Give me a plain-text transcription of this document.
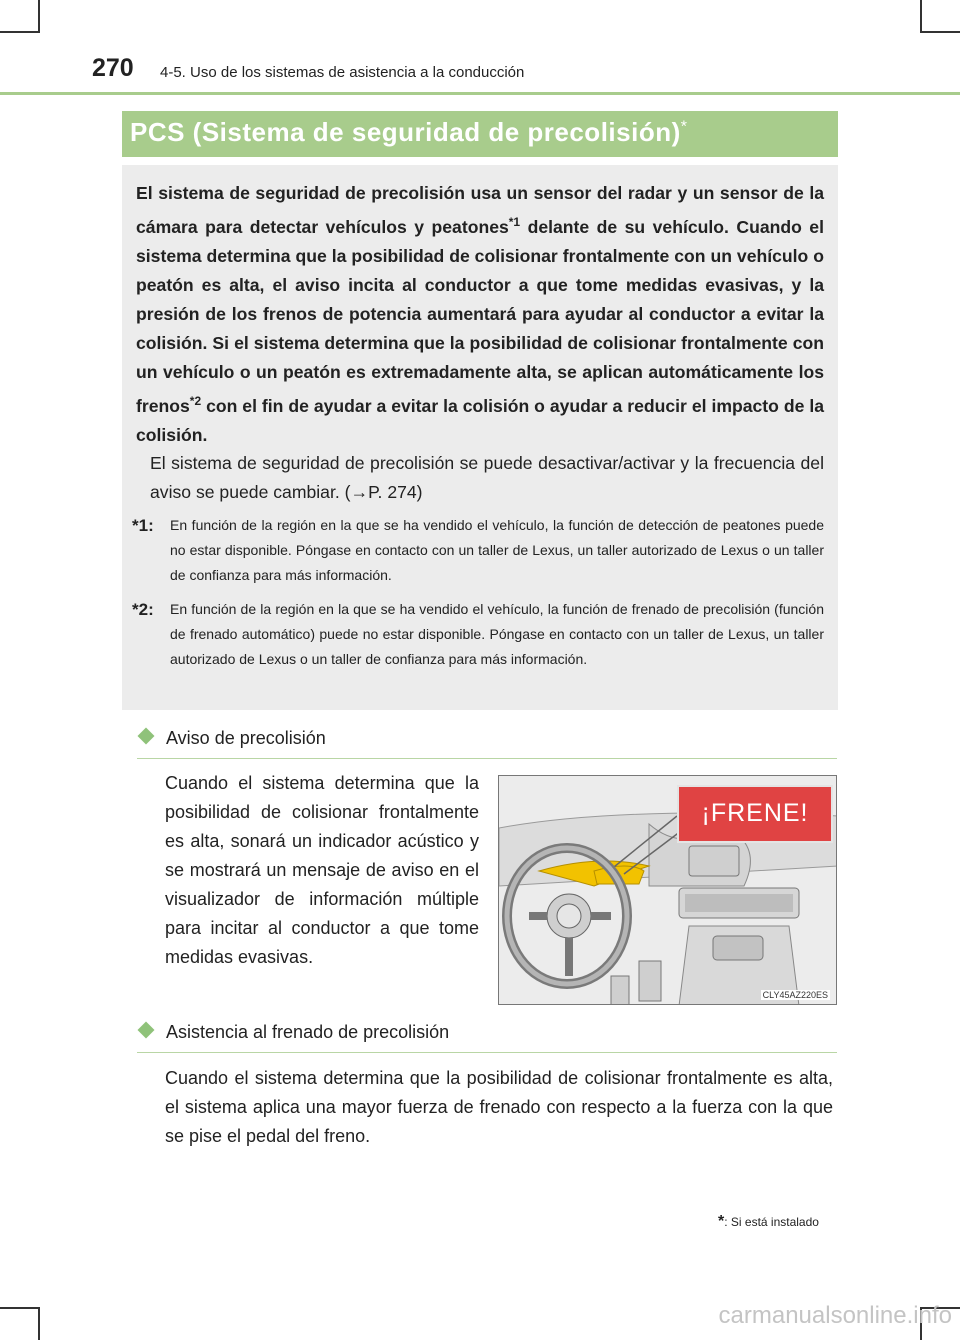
270 4-5. Uso de los sistemas de asistencia a la conducción
PCS (Sistema de seguridad de precolisión)*
El sistema de seguridad de precolisión usa un sensor del radar y un sensor de la cámara para detectar vehículos y peatones$^{*1}$ delante de su vehículo. Cuando el sistema determina que la posibilidad de colisionar frontalmente con un vehículo o peatón es alta, el aviso incita al conductor a que tome medidas evasivas, y la presión de los frenos de potencia aumentará para ayudar al conductor a evitar la colisión. Si el sistema determina que la posibilidad de colisionar frontalmente con un vehículo o un peatón es extremadamente alta, se aplican automáticamente los frenos$^{*2}$ con el fin de ayudar a evitar la colisión o ayudar a reducir el impacto de la colisión.
El sistema de seguridad de precolisión se puede desactivar/activar y la frecuencia del aviso se puede cambiar. (→P. 274)
*1: En función de la región en la que se ha vendido el vehículo, la función de detección de peatones puede no estar disponible. Póngase en contacto con un taller de Lexus, un taller autorizado de Lexus o un taller de confianza para más información.
*2: En función de la región en la que se ha vendido el vehículo, la función de frenado de precolisión (función de frenado automático) puede no estar disponible. Póngase en contacto con un taller de Lexus, un taller autorizado de Lexus o un taller de confianza para más información.
Aviso de precolisión
Cuando el sistema determina que la posibilidad de colisionar frontalmente es alta, sonará un indicador acústico y se mostrará un mensaje de aviso en el visualizador de información múltiple para incitar al conductor a que tome medidas evasivas.
¡FRENE!
CLY45AZ220ES
Asistencia al frenado de precolisión
Cuando el sistema determina que la posibilidad de colisionar frontalmente es alta, el sistema aplica una mayor fuerza de frenado con respecto a la fuerza con la que se pise el pedal del freno.
*: Si está instalado
carmanualsonline.info
